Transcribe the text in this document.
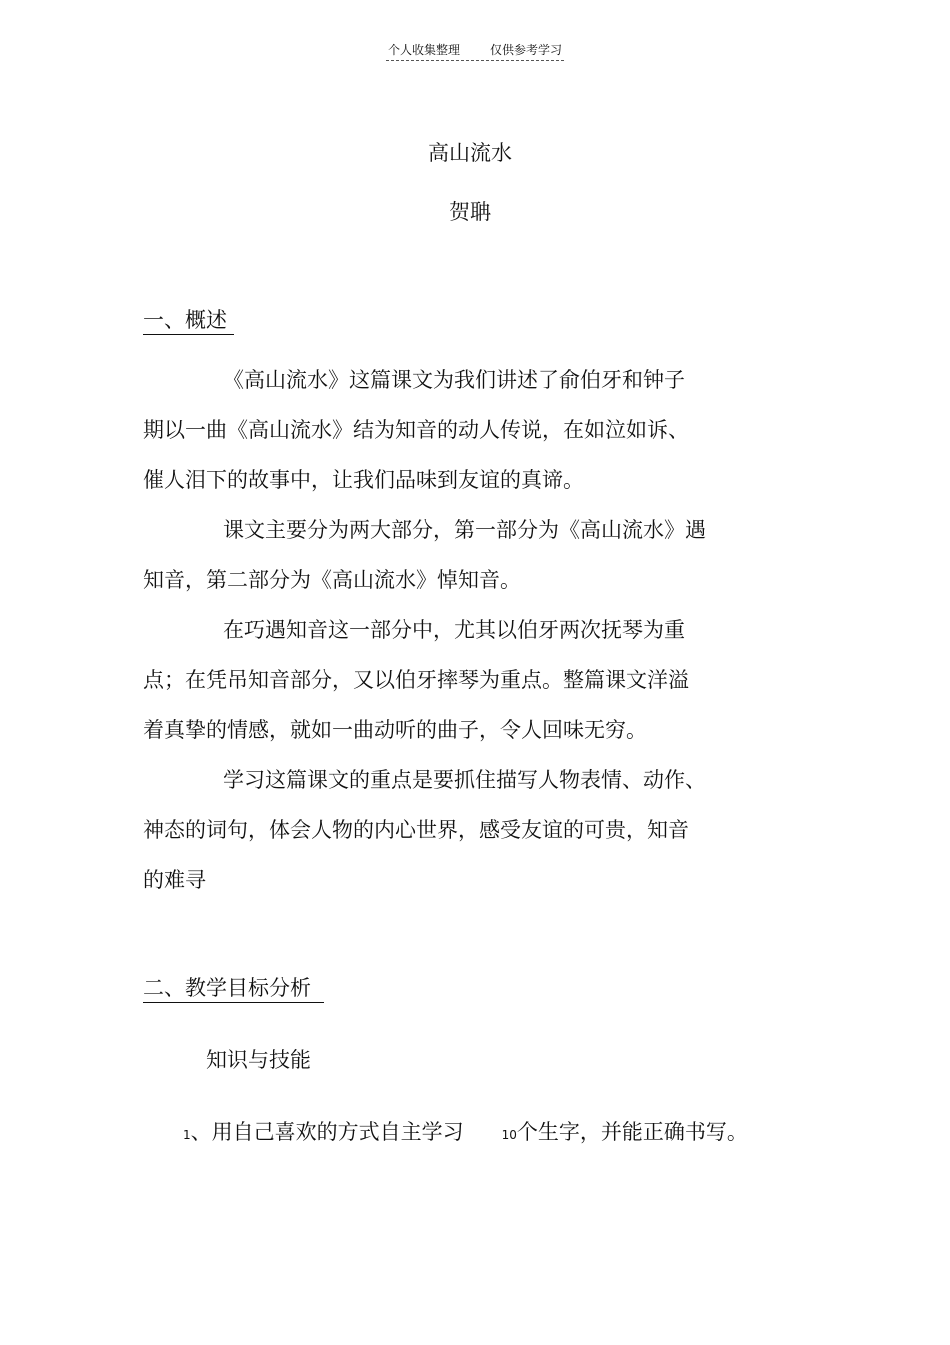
个人收集整理	仅供参考学习
高山流水
贺聃
一、概述
《高山流水》这篇课文为我们讲述了俞伯牙和钟子
期以一曲《高山流水》结为知音的动人传说，在如泣如诉、
催人泪下的故事中，让我们品味到友谊的真谛。
课文主要分为两大部分，第一部分为《高山流水》遇
知音，第二部分为《高山流水》悼知音。
在巧遇知音这一部分中，尤其以伯牙两次抚琴为重
点；在凭吊知音部分，又以伯牙摔琴为重点。整篇课文洋溢
着真挚的情感，就如一曲动听的曲子，令人回味无穷。
学习这篇课文的重点是要抓住描写人物表情、动作、
神态的词句，体会人物的内心世界，感受友谊的可贵，知音
的难寻
二、教学目标分析
知识与技能
1、用自己喜欢的方式自主学习	10个生字，并能正确书写。
